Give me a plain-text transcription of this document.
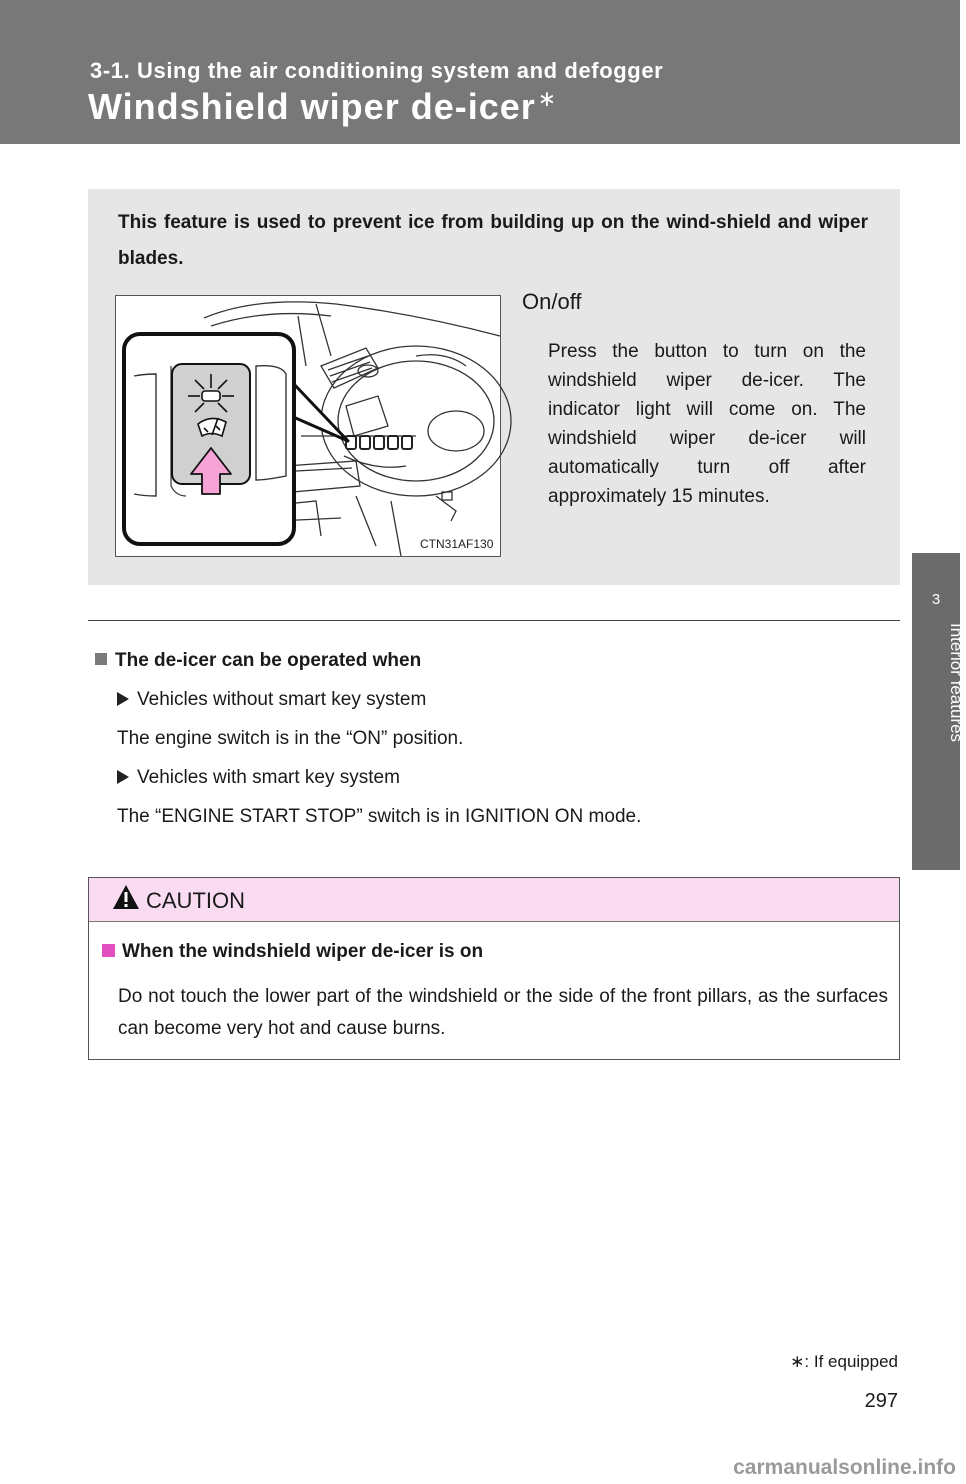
3-1. Using the air conditioning system and defogger
Windshield wiper de-icer∗
3
Interior features

This feature is used to prevent ice from building up on the wind-shield and wiper blades.

CTN31AF130
On/off

Press the button to turn on the windshield wiper de-icer. The indicator light will come on. The windshield wiper de-icer will automatically turn off after approximately 15 minutes.

The de-icer can be operated when

Vehicles without smart key system
The engine switch is in the “ON” position.
Vehicles with smart key system
The “ENGINE START STOP” switch is in IGNITION ON mode.
CAUTION

When the windshield wiper de-icer is on

Do not touch the lower part of the windshield or the side of the front pillars, as the surfaces can become very hot and cause burns.

∗: If equipped
297
carmanualsonline.info
